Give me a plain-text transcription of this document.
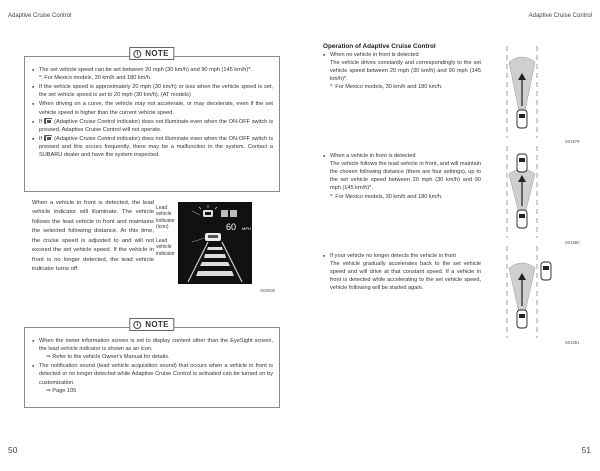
Adaptive Cruise Control	Adaptive Cruise Control
i NOTE
● The set vehicle speed can be set between 20 mph (30 km/h) and 90 mph (145 km/h)*.
*: For Mexico models, 30 km/h and 180 km/h.
● If the vehicle speed is approximately 20 mph (30 km/h) or less when the vehicle speed is set, the set vehicle speed is set to 20 mph (30 km/h). (AT models)
● When driving on a curve, the vehicle may not accelerate, or may decelerate, even if the set vehicle speed is higher than the current vehicle speed.
● If (Adaptive Cruise Control indicator) does not illuminate even when the ON-OFF switch is pressed, Adaptive Cruise Control will not operate.
● If (Adaptive Cruise Control indicator) does not illuminate even when the ON-OFF switch is pressed and this occurs frequently, there may be a malfunction in the system. Contact a SUBARU dealer and have the system inspected.
When a vehicle in front is detected, the lead vehicle indicator will illuminate. The vehicle follows the lead vehicle in front and maintains the selected following distance. At this time, the cruise speed is adjusted to and will not exceed the set vehicle speed. If the vehicle in front is no longer detected, the lead vehicle indicator turns off.
Lead vehicle indicator (icon)
Lead vehicle indicator
60 MPH
N00035
i NOTE
● When the meter information screen is set to display content other than the EyeSight screen, the lead vehicle indicator is shown as an icon.
⇒ Refer to the vehicle Owner's Manual for details.
● The notification sound (lead vehicle acquisition sound) that occurs when a vehicle in front is detected or no longer detected while Adaptive Cruise Control is activated can be turned on by customization.
⇒ Page 105
Operation of Adaptive Cruise Control
● When no vehicle in front is detected
The vehicle drives constantly and correspondingly to the set vehicle speed between 20 mph (30 km/h) and 90 mph (145 km/h)*.
*: For Mexico models, 30 km/h and 180 km/h.
● When a vehicle in front is detected
The vehicle follows the lead vehicle in front, and will maintain the chosen following distance (there are four settings), up to the set vehicle speed between 20 mph (30 km/h) and 90 mph (145 km/h)*.
*: For Mexico models, 30 km/h and 180 km/h.
● If your vehicle no longer detects the vehicle in front
The vehicle gradually accelerates back to the set vehicle speed and will drive at that constant speed. If a vehicle in front is detected while accelerating to the set vehicle speed, vehicle following will be started again.
S01979
S01980
S01981
50	51
